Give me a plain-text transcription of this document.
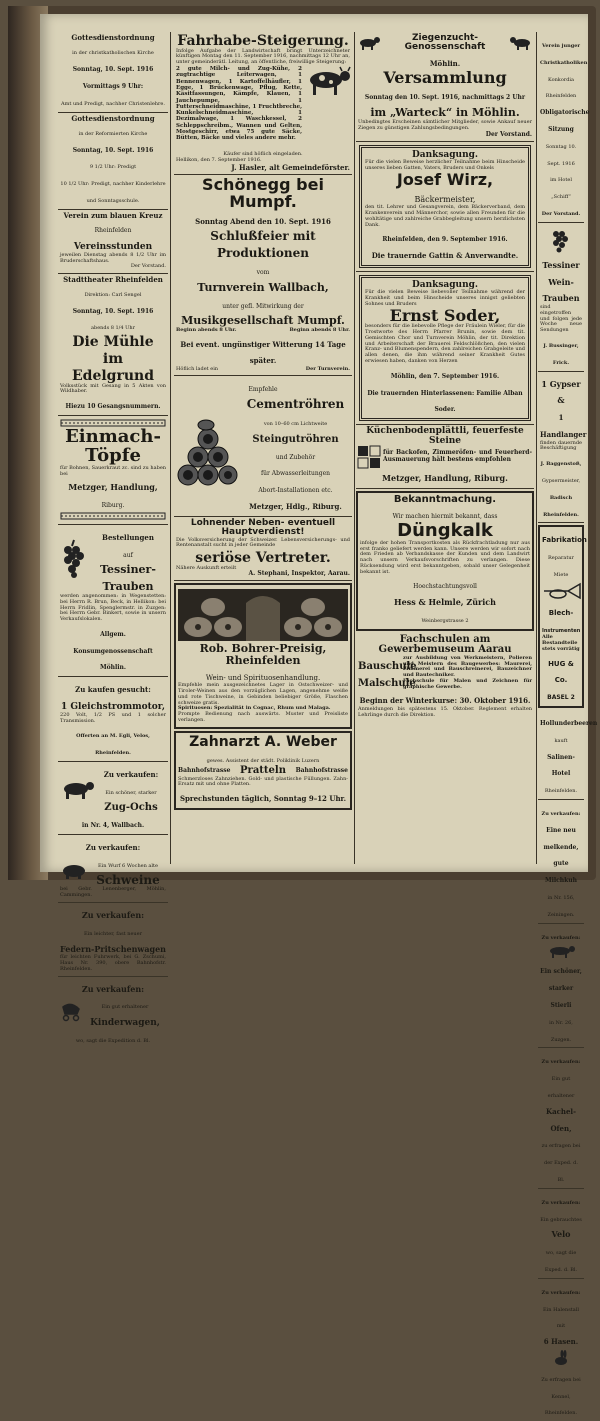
Gottesdienstordnung
in der christkatholischen Kirche
Sonntag, 10. Sept. 1916
Vormittags 9 Uhr:
Amt und Predigt, nachher Christenlehre.
Gottesdienstordnung
in der Reformierten Kirche
Sonntag, 10. Sept. 1916
9 1/2 Uhr: Predigt
10 1/2 Uhr: Predigt, nachher Kinderlehre und Sonntagsschule.
Verein zum blauen Kreuz
Rheinfelden
Vereinsstunden

jeweilen Dienstag abends 8 1/2 Uhr im Bruderschaftshaus.
Der Vorstand.
Stadttheater Rheinfelden
Direktion: Carl Sengel
Sonntag, 10. Sept. 1916
abends 8 1/4 Uhr
Die Mühle
im Edelgrund

Volksstück mit Gesang in 5 Akten von Wildhaber.
Hiezu 10 Gesangsnummern.
Einmach-
Töpfe

für Bohnen, Sauerkraut zc. sind zu haben bei
Metzger, Handlung,
Riburg.
Bestellungen
auf
Tessiner-
Trauben
werden angenommen: in Wegenstetten: bei Herrn R. Brun, Beck, in Hellikon: bei Herrn Fridlin, Spenglermstr. in Zuzgen: bei Herrn Gebr. Binkert, sowie in unsern Verkaufslokalen.
Allgem. Konsumgenossenschaft Möhlin.
Zu kaufen gesucht:
1 Gleichstrommotor,

220 Volt, 1/2 PS und 1 solcher Transmission.
Offerten an M. Egli, Velos, Rheinfelden.
Zu verkaufen:
Ein schöner, starker
Zug-Ochs
in Nr. 4, Wallbach.
Zu verkaufen:

Ein Wurf 6 Wochen alte
Schweine
bei Gebr. Lenenberger, Möhlin, Cammingen.
Zu verkaufen:
Ein leichter, fast neuer
Federn-Pritschenwagen

für leichten Fuhrwerk, bei G. Zschumi, Haus Nr. 390, obere Bahnhofstr. Rheinfelden.
Zu verkaufen:

Ein gut erhaltener
Kinderwagen,
wo, sagt die Expedition d. Bl.
Fahrhabe-Steigerung.
Infolge Aufgabe der Landwirtschaft bringt Unterzeichneter künftigen Montag den 11. September 1916, nachmittags 12 Uhr an, unter gemeinderätl. Leitung, an öffentliche, freiwillige Steigerung:
2 gute Milch- und Zug-Kühe, 2 zugtrachtige Leiterwagen, 1 Bennenwagen, 1 Kartoffelhäufler, 1 Egge, 1 Brückenwage, Pflug, Kette, Käsitfassungen, Kämpfe, Klauen, 1 Jauchepumpe, 1 Futterschneidmaschine, 1 Fruchtbreche, Kunkelschneidmaschine, 1 Dezimalwage, 1 Waschkessel, 2 Schleppschreibm., Wannen und Gelten, Mostgeschirr, etwa 75 gute Säcke, Bütten, Bäcke und vieles andere mehr.
Käufer sind höflich eingeladen.
Hellikon, den 7. September 1916.
J. Hasler, alt Gemeindeförster.
Schönegg bei Mumpf.
Sonntag Abend den 10. Sept. 1916
Schlußfeier mit Produktionen
vom
Turnverein Wallbach,
unter gefl. Mitwirkung der
Musikgesellschaft Mumpf.
Beginn abends 8 Uhr.	Beginn abends 8 Uhr.
Bei event. ungünstiger Witterung 14 Tage später.
Höflich ladet ein	Der Turnverein.
Empfehle
Cementröhren
von 10–60 cm Lichtweite
Steingutröhren
und Zubehör
für Abwasserleitungen
Abort-Installationen etc.
Metzger, Hdlg., Riburg.
Lohnender Neben- eventuell Hauptverdienst!
Die Volksversicherung der Schweizer. Lebensversicherungs- und Rentenanstalt sucht in jeder Gemeinde
seriöse Vertreter.
Nähere Auskunft erteilt
A. Stephani, Inspektor, Aarau.
Rob. Bohrer-Preisig, Rheinfelden
Wein- und Spirituosenhandlung.
Empfehle mein ausgezeichnetes Lager in Ostschweizer- und Tiroler-Weinen aus den vorzüglichen Lagen, angenehme weiße und rote Tischweine, in Gebinden beliebiger Größe, Flaschen schweize gratis.
Spirituosen: Spezialität in Cognac, Rhum und Malaga.
Prompte Bedienung nach auswärts. Muster und Preisliste verlangen.
Zahnarzt A. Weber
gewes. Assistent der städt. Poliklinik Luzern
Bahnhofstrasse Pratteln Bahnhofstrasse
Schmerzloses Zahnziehen. Gold- und plastische Füllungen. Zahn-Ersatz mit und ohne Platten.
Sprechstunden täglich, Sonntag 9–12 Uhr.
Ziegenzucht-Genossenschaft
Möhlin.
Versammlung
Sonntag den 10. Sept. 1916, nachmittags 2 Uhr
im „Warteck“ in Möhlin.
Unbedingtes Erscheinen sämtlicher Mitglieder, sowie Ankauf neuer Ziegen zu günstigen Zahlungsbedingungen.
Der Vorstand.
Danksagung.
Für die vielen Beweise herzlicher Teilnahme beim Hinscheide unseres lieben Gatten, Vaters, Bruders und Onkels
Josef Wirz,
Bäckermeister,
den tit. Lehrer und Gesangverein, dem Bäckerverband, dem Krankenverein und Männerchor, sowie allen Freunden für die wohltätige und zahlreiche Grabbegleitung unsern herzlichsten Dank.
Rheinfelden, den 9. September 1916.
Die trauernde Gattin & Anverwandte.
Danksagung.
Für die vielen Beweise liebevoller Teilnahme während der Krankheit und beim Hinscheide unseres innigst geliebten Sohnes und Bruders
Ernst Soder,
besonders für die liebevolle Pflege der Fräulein Wieler, für die Trostworte des Herrn Pfarrer Brunin, sowie dem tit. Gemischten Chor und Turnverein Möhlin, der tit. Direktion und Arbeiterschaft der Brauerei Feldschlößchen, den vielen Kranz- und Blumenspendern, den zahlreichen Grabgeleite und allen denen, die ihm während seiner Krankheit Gutes erwiesen haben, danken von Herzen
Möhlin, den 7. September 1916.
Die trauernden Hinterlassenen: Familie Alban Soder.
Küchenbodenplättli, feuerfeste Steine
für Backofen, Zimmeröfen- und Feuerherd-Ausmauerung hält bestens empfohlen
Metzger, Handlung, Riburg.
Bekanntmachung.
Wir machen hiermit bekannt, dass
Düngkalk
infolge der hohen Transportkosten als Rückfrachtladung nur aus erst franko geliefert werden kann. Unsere werden wir sofort nach dem Frieden ab Verbandskasse der Kunden und dem Landwirt nach unsern Verkaufsvorschriften zu verlangen. Diese Rücksendung wird erst bekanntgeben, sobald unser Gelegenheit bekannt ist.
Hoechstachtungsvoll
Hess & Helmle, Zürich
Weinbergstrasse 2
Fachschulen am Gewerbemuseum Aarau
Bauschule
zur Ausbildung von Werkmeistern, Polieren und Meistern des Baugewerbes: Maurerei, Zimmerei und Bauschreinerei, Bauzeichner und Bautechniker.
Malschule
Fachschule für Malen und Zeichnen für graphische Gewerbe.
Beginn der Winterkurse: 30. Oktober 1916.
Anmeldungen bis spätestens 15. Oktober. Reglement erhalten Lehrlinge durch die Direktion.
Verein junger Christkatholiken
Konkordia Rheinfelden
Obligatorische Sitzung
Sonntag 10. Sept. 1916
im Hotel „Schiff“
Der Vorstand.
Tessiner
Wein-
Trauben
sind eingetroffen und folgen jede Woche neue Sendungen
J. Bussinger, Frick.
1 Gypser &
1 Handlanger
finden dauernde Beschäftigung
J. Baggenstoß,
Gypsermeister,
Badisch Rheinfelden.
Fabrikation
Reparatur
Miete
Blech-
Instrumenten
Alle Bestandteile stets vorrätig
HUG & Co.
BASEL 2
Hollunderbeeren
kauft
Salinen-Hotel
Rheinfelden.
Zu verkaufen:
Eine neu melkende, gute Milchkuh
in Nr. 156, Zeiningen.
Zu verkaufen:
Ein schöner, starker Stierli
in Nr. 26, Zuzgen.
Zu verkaufen:
Ein gut erhaltener
Kachel-Ofen,
zu erfragen bei der Exped. d. Bl.
Zu verkaufen:
Ein gebrauchtes
Velo
wo, sagt die Exped. d. Bl.
Zu verkaufen:
Ein Halenstall mit
6 Hasen.
Zu erfragen bei Kennel, Rheinfelden.
